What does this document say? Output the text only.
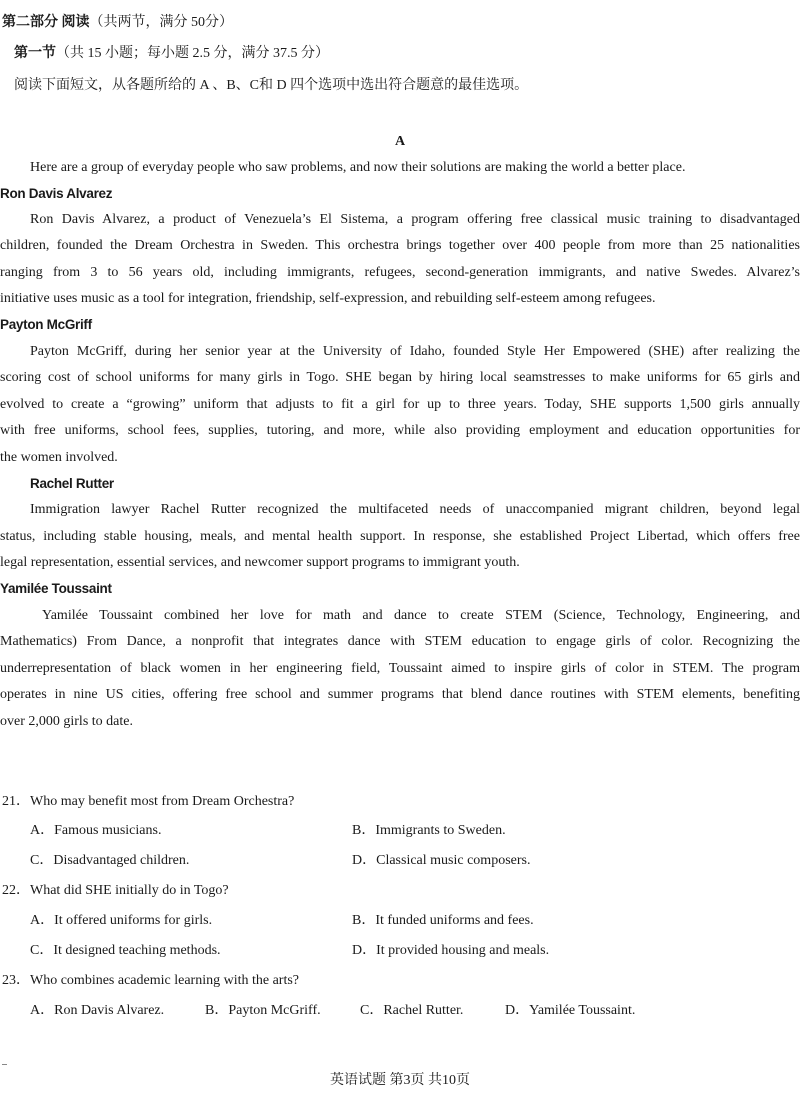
第二部分 阅读（共两节，满分 50分）
第一节（共 15 小题；每小题 2.5 分，满分 37.5 分）
阅读下面短文，从各题所给的 A 、B、C和 D 四个选项中选出符合题意的最佳选项。
A
Here are a group of everyday people who saw problems, and now their solutions are making the world a better place.
Ron Davis Alvarez
Ron Davis Alvarez, a product of Venezuela’s El Sistema, a program offering free classical music training to disadvantaged
children, founded the Dream Orchestra in Sweden. This orchestra brings together over 400 people from more than 25 nationalities
ranging from 3 to 56 years old, including immigrants, refugees, second-generation immigrants, and native Swedes. Alvarez’s
initiative uses music as a tool for integration, friendship, self-expression, and rebuilding self-esteem among refugees.
Payton McGriff
Payton McGriff, during her senior year at the University of Idaho, founded Style Her Empowered (SHE) after realizing the
scoring cost of school uniforms for many girls in Togo. SHE began by hiring local seamstresses to make uniforms for 65 girls and
evolved to create a “growing” uniform that adjusts to fit a girl for up to three years. Today, SHE supports 1,500 girls annually
with free uniforms, school fees, supplies, tutoring, and more, while also providing employment and education opportunities for
the women involved.
Rachel Rutter
Immigration lawyer Rachel Rutter recognized the multifaceted needs of unaccompanied migrant children, beyond legal
status, including stable housing, meals, and mental health support. In response, she established Project Libertad, which offers free
legal representation, essential services, and newcomer support programs to immigrant youth.
Yamilée Toussaint
Yamilée Toussaint combined her love for math and dance to create STEM (Science, Technology, Engineering, and
Mathematics) From Dance, a nonprofit that integrates dance with STEM education to engage girls of color. Recognizing the
underrepresentation of black women in her engineering field, Toussaint aimed to inspire girls of color in STEM. The program
operates in nine US cities, offering free school and summer programs that blend dance routines with STEM elements, benefiting
over 2,000 girls to date.
21．Who may benefit most from Dream Orchestra?
A．Famous musicians.	B．Immigrants to Sweden.
C．Disadvantaged children.	D．Classical music composers.
22．What did SHE initially do in Togo?
A．It offered uniforms for girls.	B．It funded uniforms and fees.
C．It designed teaching methods.	D．It provided housing and meals.
23．Who combines academic learning with the arts?
A．Ron Davis Alvarez.	B．Payton McGriff.	C．Rachel Rutter.	D．Yamilée Toussaint.
英语试题 第3页 共10页
